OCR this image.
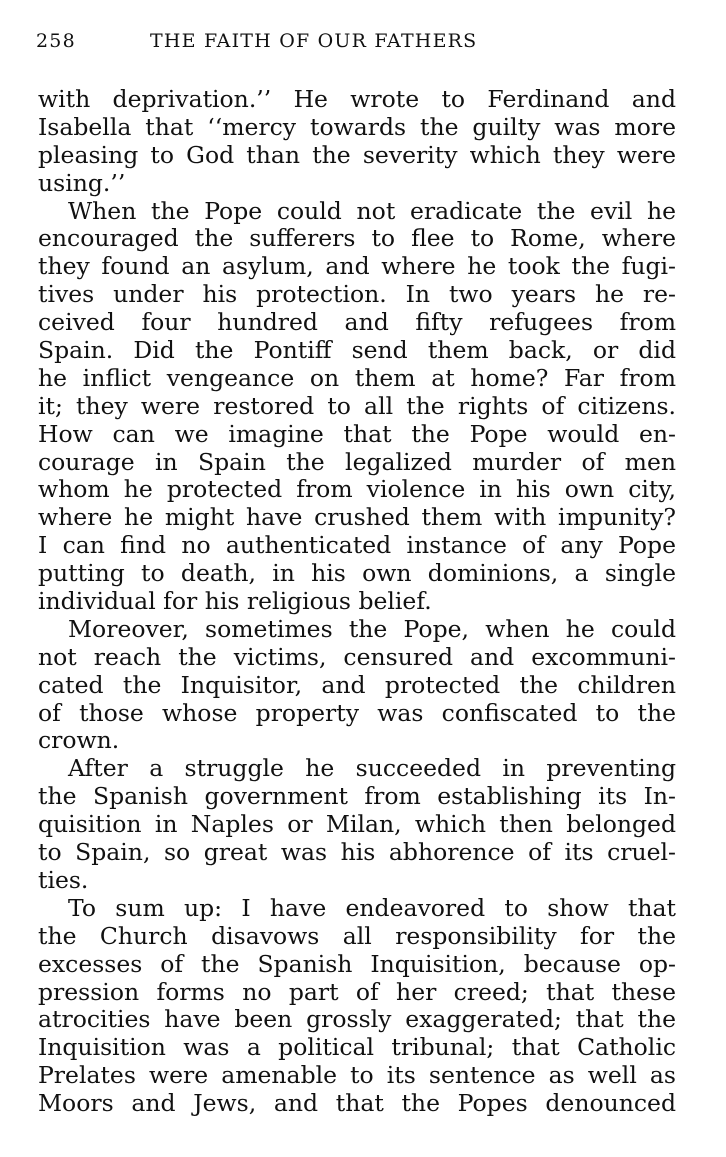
258	THE FAITH OF OUR FATHERS
with deprivation.’’ He wrote to Ferdinand and
Isabella that ‘‘mercy towards the guilty was more
pleasing to God than the severity which they were
using.’’
When the Pope could not eradicate the evil he
encouraged the sufferers to flee to Rome, where
they found an asylum, and where he took the fugi-
tives under his protection. In two years he re-
ceived four hundred and fifty refugees from
Spain. Did the Pontiff send them back, or did
he inflict vengeance on them at home? Far from
it; they were restored to all the rights of citizens.
How can we imagine that the Pope would en-
courage in Spain the legalized murder of men
whom he protected from violence in his own city,
where he might have crushed them with impunity?
I can find no authenticated instance of any Pope
putting to death, in his own dominions, a single
individual for his religious belief.
Moreover, sometimes the Pope, when he could
not reach the victims, censured and excommuni-
cated the Inquisitor, and protected the children
of those whose property was confiscated to the
crown.
After a struggle he succeeded in preventing
the Spanish government from establishing its In-
quisition in Naples or Milan, which then belonged
to Spain, so great was his abhorence of its cruel-
ties.
To sum up: I have endeavored to show that
the Church disavows all responsibility for the
excesses of the Spanish Inquisition, because op-
pression forms no part of her creed; that these
atrocities have been grossly exaggerated; that the
Inquisition was a political tribunal; that Catholic
Prelates were amenable to its sentence as well as
Moors and Jews, and that the Popes denounced
